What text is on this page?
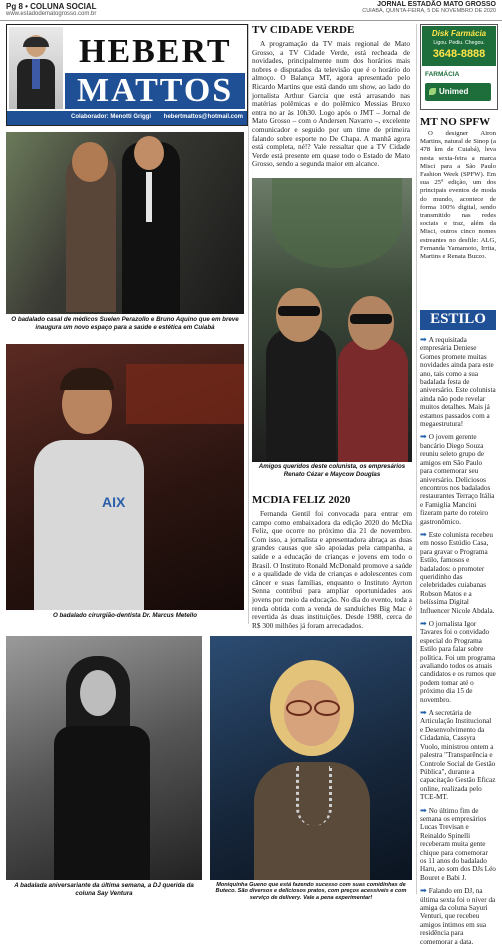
Pg 8 • COLUNA SOCIAL
www.estadodematogrosso.com.br
JORNAL ESTADÃO MATO GROSSO
CUIABÁ, QUINTA-FEIRA, 5 DE NOVEMBRO DE 2020
HEBERT
MATTOS
Colaborador: Menotti Griggi hebertmattos@hotmail.com
O badalado casal de médicos Suelen Perazollo e Bruno Aquino que em breve inaugura um novo espaço para a saúde e estética em Cuiabá
AIX
O badalado cirurgião-dentista Dr. Marcus Metello
A badalada aniversariante da última semana, a DJ querida da coluna Say Ventura
TV CIDADE VERDE

A programação da TV mais regional de Mato Grosso, a TV Cidade Verde, está recheada de novidades, principalmente num dos horários mais nobres e disputados da televisão que é o horário do almoço. O Balança MT, agora apresentado pelo Ricardo Martins que está dando um show, ao lado do jornalista Arthur Garcia que está arrasando nas matérias polêmicas e do polêmico Messias Bruxo entra no ar às 10h30. Logo após o JMT – Jornal de Mato Grosso – com o Andersen Navarro –, excelente comunicador e seguido por um time de primeira falando sobre esporte no De Chapa. A manhã agora está completa, né!? Vale ressaltar que a TV Cidade Verde está presente em quase todo o Estado de Mato Grosso, sendo a segunda maior em alcance.

Disk Farmácia
Ligou. Pediu. Chegou.
3648-8888
FARMÁCIA
Unimed
MT NO SPFW

O designer Airon Martins, natural de Sinop (a 478 km de Cuiabá), leva nesta sexta-feira a marca Misci para a São Paulo Fashion Week (SPFW). Em sua 25ª edição, um dos principais eventos de moda do mundo, acontece de forma 100% digital, sendo transmitido nas redes sociais e traz, além da Misci, outros cinco nomes estreantes no desfile: ALG, Fernanda Yamamoto, Irrita, Martins e Renata Buzzo.

Amigos queridos deste colunista, os empresários Renato Cézar e Maycow Douglas
MCDIA FELIZ 2020

Fernanda Gentil foi convocada para entrar em campo como embaixadora da edição 2020 do McDia Feliz, que ocorre no próximo dia 21 de novembro. Com isso, a jornalista e apresentadora abraça as duas grandes causas que são apoiadas pela campanha, a saúde e a educação de crianças e jovens em todo o Brasil. O Instituto Ronald McDonald promove a saúde e a qualidade de vida de crianças e adolescentes com câncer e suas famílias, enquanto o Instituto Ayrton Senna contribui para ampliar oportunidades aos jovens por meio da educação. No dia do evento, toda a renda obtida com a venda de sanduíches Big Mac é revertida às duas instituições. Desde 1988, cerca de R$ 300 milhões já foram arrecadados.

Moniquinha Gueno que está fazendo sucesso com suas comidinhas de Buteco. São diversos e deliciosos pratos, com preços acessíveis e com serviço de delivery. Vale a pena experimentar!
ESTILO
➡ A requisitada empresária Deniese Gomes promete muitas novidades ainda para este ano, tais como a sua badalada festa de aniversário. Este colunista ainda não pode revelar muitos detalhes. Mais já estamos passados com a megaestrutura!
➡ O jovem gerente bancário Diego Souza reuniu seleto grupo de amigos em São Paulo para comemorar seu aniversário. Deliciosos encontros nos badalados restaurantes Terraço Itália e Famiglia Mancini fizeram parte do roteiro gastronômico.
➡ Este colunista recebeu em nosso Estúdio Casa, para gravar o Programa Estilo, famosos e badalados: o promoter queridinho das celebridades cuiabanas Robson Matos e a belíssima Digital Influencer Nicole Abdala.
➡ O jornalista Igor Tavares foi o convidado especial do Programa Estilo para falar sobre política. Foi um programa avaliando todos os atuais candidatos e os rumos que podem tomar até o próximo dia 15 de novembro.
➡ A secretária de Articulação Institucional e Desenvolvimento da Cidadania, Cassyra Vuolo, ministrou ontem a palestra "Transparência e Controle Social de Gestão Pública", durante a capacitação Gestão Eficaz online, realizada pelo TCE-MT.
➡ No último fim de semana os empresários Lucas Trevisan e Reinaldo Spinelli receberam muita gente chique para comemorar os 11 anos do badalado Haru, ao som dos DJs Léo Bouret e Babi J.
➡ Falando em DJ, na última sexta foi o níver da amiga da coluna Sayuri Venturi, que recebeu amigos íntimos em sua residência para comemorar a data.
